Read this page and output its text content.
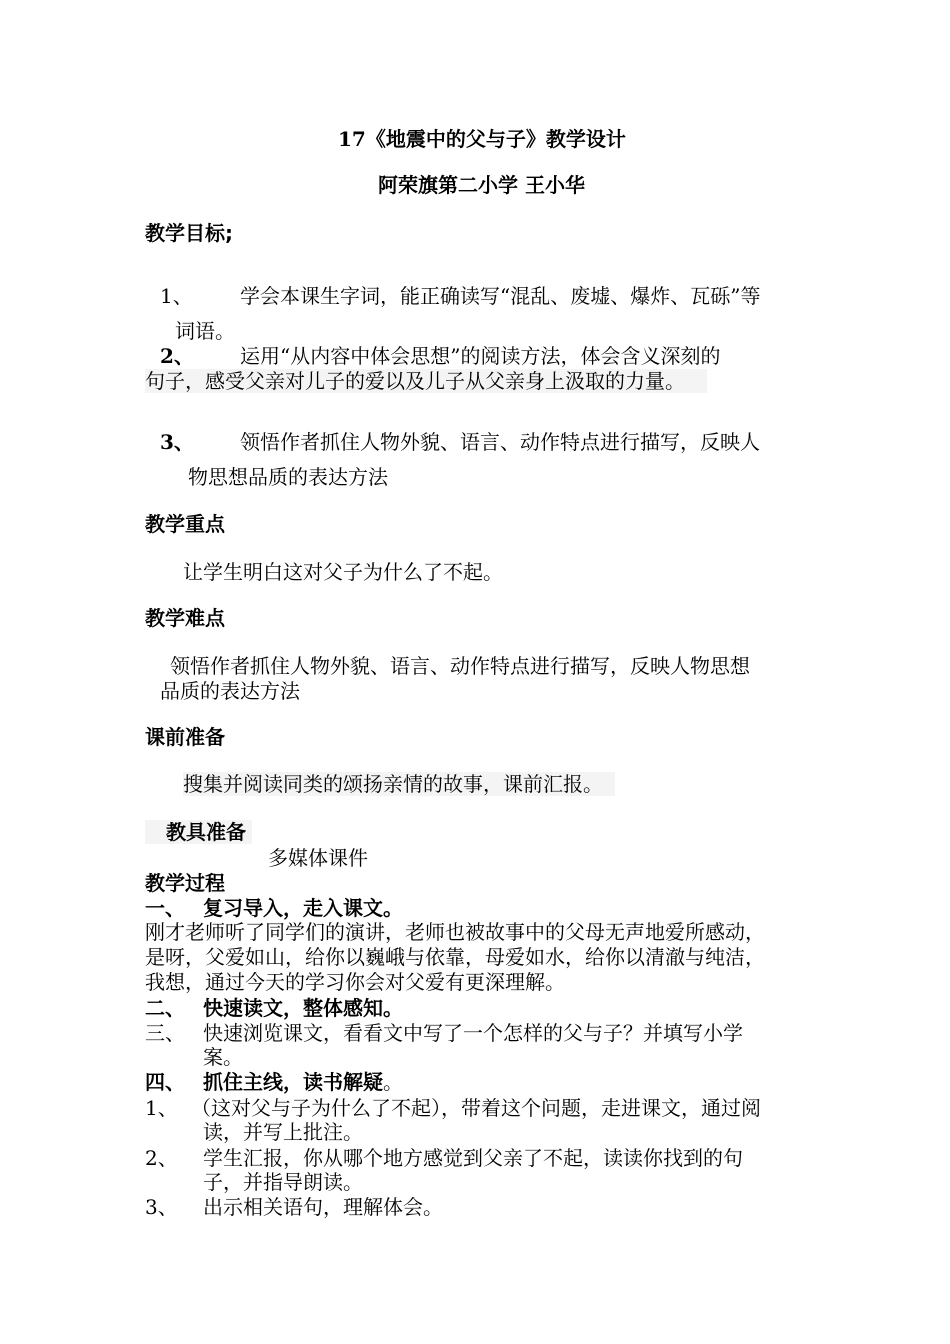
17《地震中的父与子》教学设计
阿荣旗第二小学 王小华
教学目标;
1、 学会本课生字词，能正确读写“混乱、废墟、爆炸、瓦砾”等
词语。
2、 运用“从内容中体会思想”的阅读方法，体会含义深刻的
句子，感受父亲对儿子的爱以及儿子从父亲身上汲取的力量。
3、 领悟作者抓住人物外貌、语言、动作特点进行描写，反映人
物思想品质的表达方法
教学重点
让学生明白这对父子为什么了不起。
教学难点
领悟作者抓住人物外貌、语言、动作特点进行描写，反映人物思想
品质的表达方法
课前准备
搜集并阅读同类的颂扬亲情的故事，课前汇报。
教具准备
多媒体课件
教学过程
一、 复习导入，走入课文。
刚才老师听了同学们的演讲，老师也被故事中的父母无声地爱所感动，
是呀，父爱如山，给你以巍峨与依靠，母爱如水，给你以清澈与纯洁，
我想，通过今天的学习你会对父爱有更深理解。
二、 快速读文，整体感知。
三、 快速浏览课文，看看文中写了一个怎样的父与子？并填写小学
案。
四、 抓住主线，读书解疑。
1、 （这对父与子为什么了不起），带着这个问题，走进课文，通过阅
读，并写上批注。
2、 学生汇报，你从哪个地方感觉到父亲了不起，读读你找到的句
子，并指导朗读。
3、 出示相关语句，理解体会。
